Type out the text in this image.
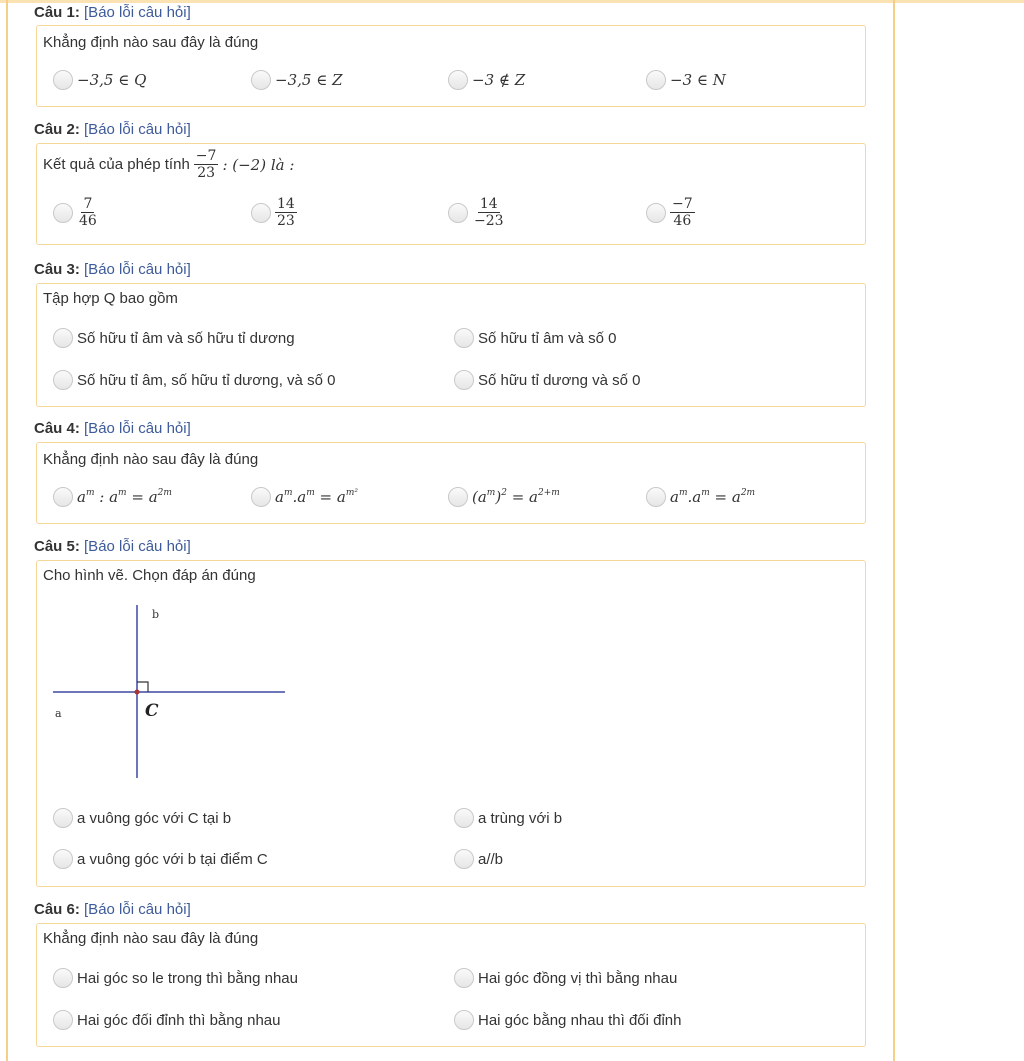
Câu 1: [Báo lỗi câu hỏi]
Khẳng định nào sau đây là đúng
−3,5 ∈ Q	−3,5 ∈ Z	−3 ∉ Z	−3 ∈ N
Câu 2: [Báo lỗi câu hỏi]
Kết quả của phép tính $\frac{-7}{23}$ : (−2) là :
$\frac{7}{46}$	$\frac{14}{23}$	$\frac{14}{-23}$	$\frac{-7}{46}$
Câu 3: [Báo lỗi câu hỏi]
Tập hợp Q bao gồm
Số hữu tỉ âm và số hữu tỉ dương	Số hữu tỉ âm và số 0
Số hữu tỉ âm, số hữu tỉ dương, và số 0	Số hữu tỉ dương và số 0
Câu 4: [Báo lỗi câu hỏi]
Khẳng định nào sau đây là đúng
$a^m$ : $a^m = a^{2m}$	$a^m.a^m = a^{m^2}$	$(a^m)^2 = a^{2+m}$	$a^m.a^m = a^{2m}$
Câu 5: [Báo lỗi câu hỏi]
Cho hình vẽ. Chọn đáp án đúng
b
a	C
a vuông góc với C tại b	a trùng với b
a vuông góc với b tại điểm C	a//b
Câu 6: [Báo lỗi câu hỏi]
Khẳng định nào sau đây là đúng
Hai góc so le trong thì bằng nhau	Hai góc đồng vị thì bằng nhau
Hai góc đối đỉnh thì bằng nhau	Hai góc bằng nhau thì đối đỉnh
